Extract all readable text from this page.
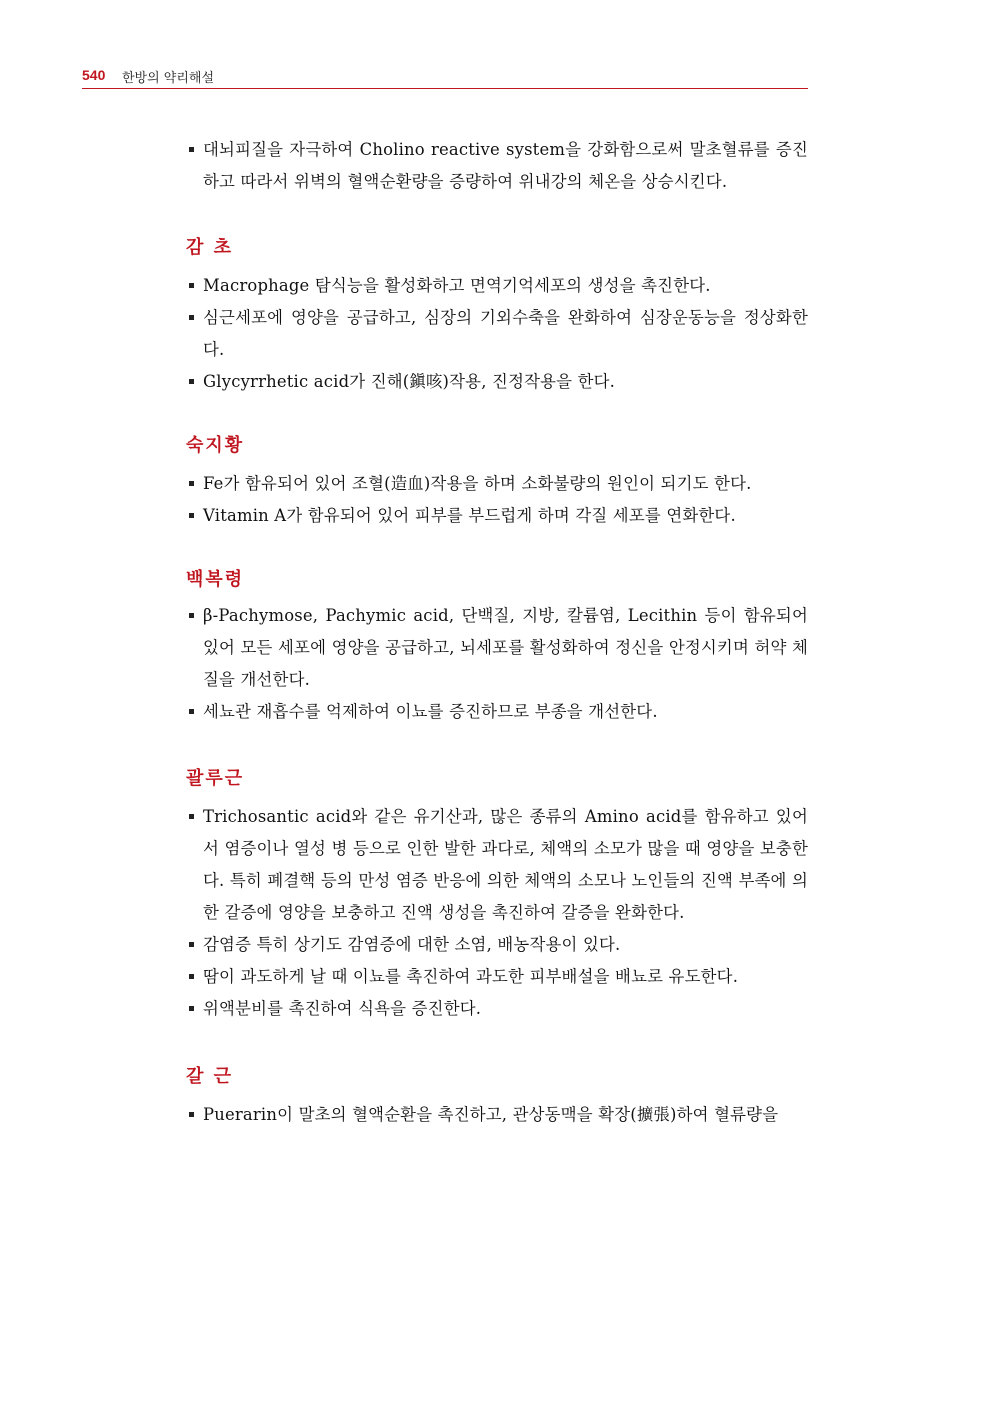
540 한방의 약리해설
대뇌피질을 자극하여 Cholino reactive system을 강화함으로써 말초혈류를 증진하고 따라서 위벽의 혈액순환량을 증량하여 위내강의 체온을 상승시킨다.
감 초
Macrophage 탐식능을 활성화하고 면역기억세포의 생성을 촉진한다.
심근세포에 영양을 공급하고, 심장의 기외수축을 완화하여 심장운동능을 정상화한다.
Glycyrrhetic acid가 진해(鎭咳)작용, 진정작용을 한다.
숙지황
Fe가 함유되어 있어 조혈(造血)작용을 하며 소화불량의 원인이 되기도 한다.
Vitamin A가 함유되어 있어 피부를 부드럽게 하며 각질 세포를 연화한다.
백복령
β-Pachymose, Pachymic acid, 단백질, 지방, 칼륨염, Lecithin 등이 함유되어 있어 모든 세포에 영양을 공급하고, 뇌세포를 활성화하여 정신을 안정시키며 허약 체질을 개선한다.
세뇨관 재흡수를 억제하여 이뇨를 증진하므로 부종을 개선한다.
괄루근
Trichosantic acid와 같은 유기산과, 많은 종류의 Amino acid를 함유하고 있어서 염증이나 열성 병 등으로 인한 발한 과다로, 체액의 소모가 많을 때 영양을 보충한다. 특히 폐결핵 등의 만성 염증 반응에 의한 체액의 소모나 노인들의 진액 부족에 의한 갈증에 영양을 보충하고 진액 생성을 촉진하여 갈증을 완화한다.
감염증 특히 상기도 감염증에 대한 소염, 배농작용이 있다.
땀이 과도하게 날 때 이뇨를 촉진하여 과도한 피부배설을 배뇨로 유도한다.
위액분비를 촉진하여 식욕을 증진한다.
갈 근
Puerarin이 말초의 혈액순환을 촉진하고, 관상동맥을 확장(擴張)하여 혈류량을
